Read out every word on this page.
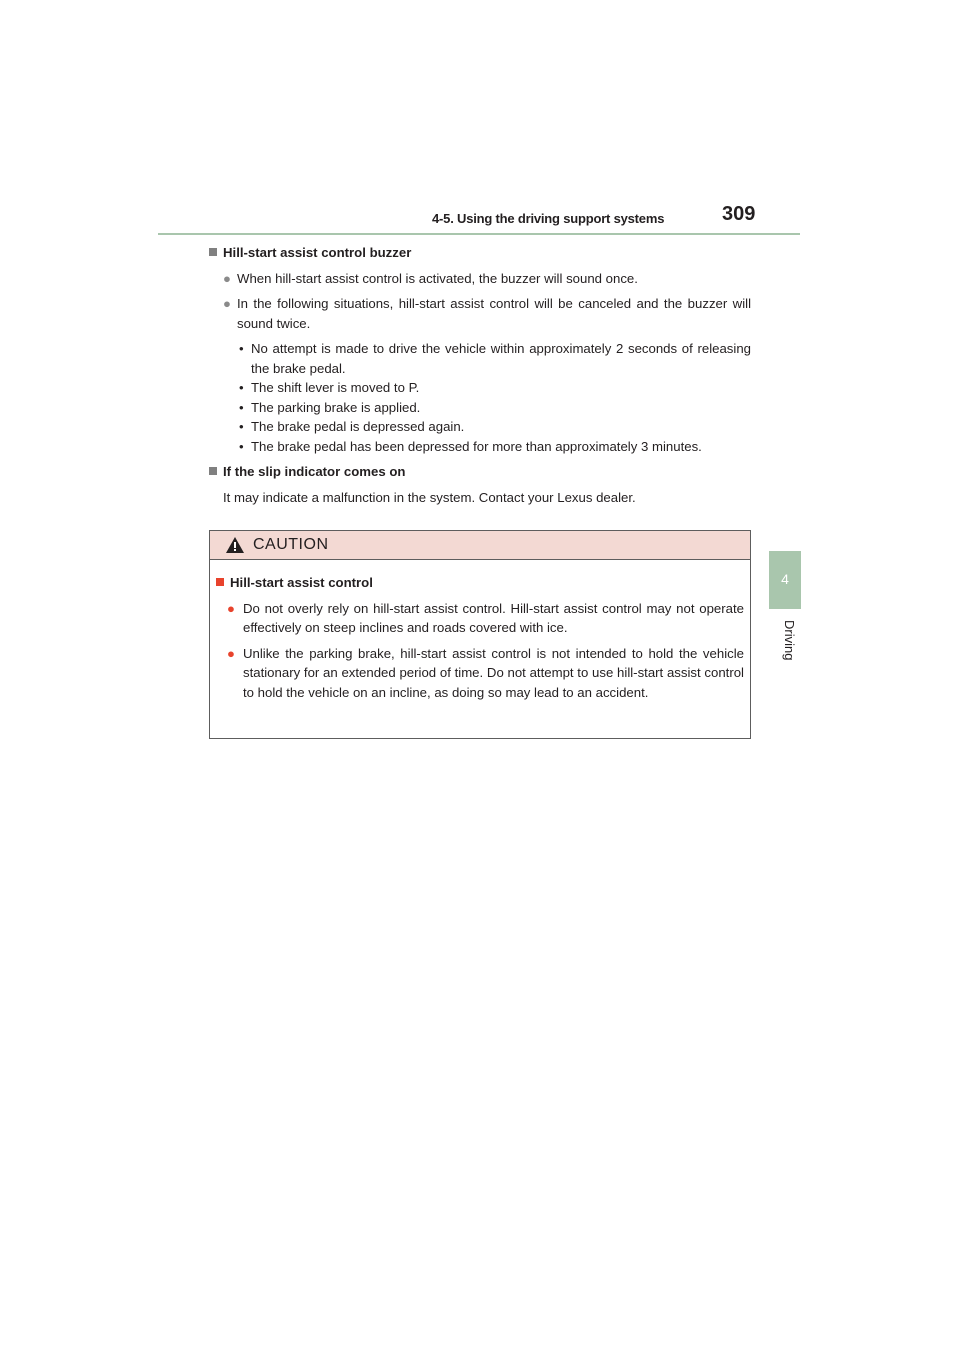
4-5. Using the driving support systems	309
4
Driving

Hill-start assist control buzzer

● When hill-start assist control is activated, the buzzer will sound once.

● In the following situations, hill-start assist control will be canceled and the buzzer will sound twice.

• No attempt is made to drive the vehicle within approximately 2 seconds of releasing the brake pedal.

• The shift lever is moved to P.

• The parking brake is applied.

• The brake pedal is depressed again.

• The brake pedal has been depressed for more than approximately 3 minutes.

If the slip indicator comes on

It may indicate a malfunction in the system. Contact your Lexus dealer.

CAUTION

Hill-start assist control

● Do not overly rely on hill-start assist control. Hill-start assist control may not operate effectively on steep inclines and roads covered with ice.

● Unlike the parking brake, hill-start assist control is not intended to hold the vehicle stationary for an extended period of time. Do not attempt to use hill-start assist control to hold the vehicle on an incline, as doing so may lead to an accident.
